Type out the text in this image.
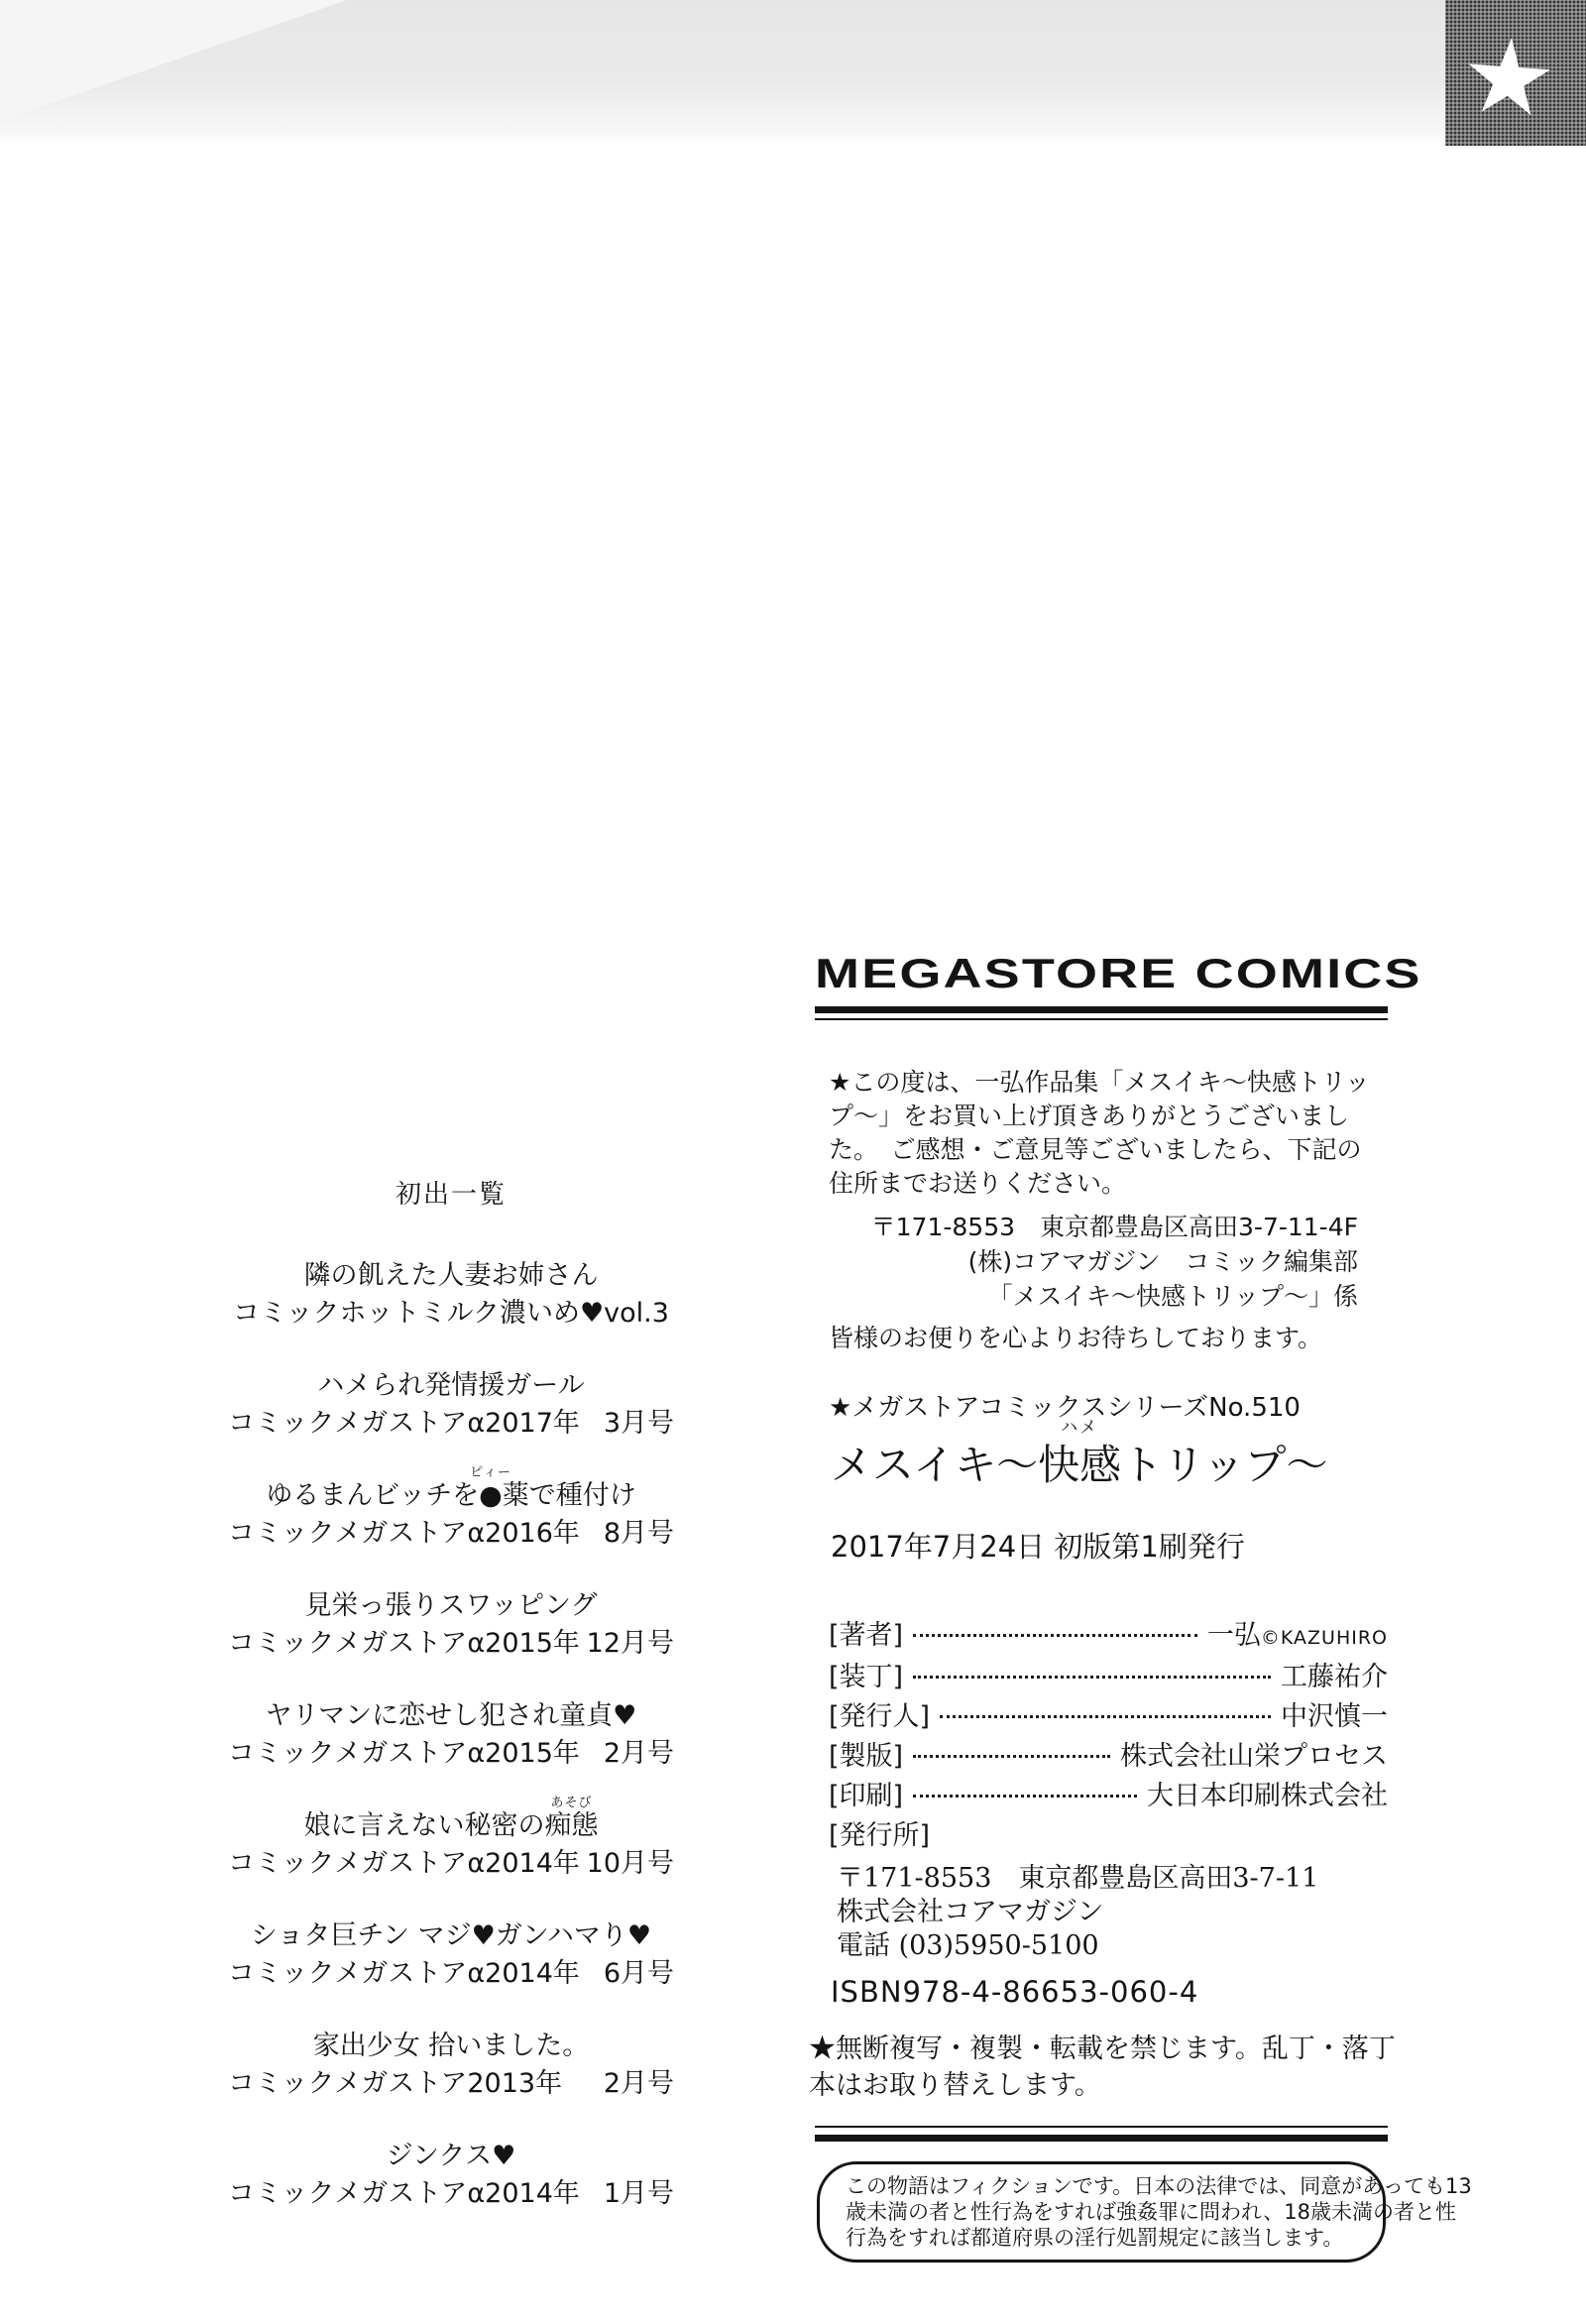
初出一覧
隣の飢えた人妻お姉さん
コミックホットミルク濃いめ♥vol.3
ハメられ発情援ガール
コミックメガストアα2017年 3月号
ゆるまんビッチを●
ピィー
薬で種付け
コミックメガストアα2016年 8月号
見栄っ張りスワッピング
コミックメガストアα2015年 12月号
ヤリマンに恋せし犯され童貞♥
コミックメガストアα2015年 2月号
娘に言えない秘密の痴態
あそび
コミックメガストアα2014年 10月号
ショタ巨チン マジ♥ガンハマり♥
コミックメガストアα2014年 6月号
家出少女 拾いました。
コミックメガストア2013年 2月号
ジンクス♥
コミックメガストアα2014年 1月号
MEGASTORE COMICS
★この度は、一弘作品集「メスイキ～快感トリッ
プ～」をお買い上げ頂きありがとうございまし
た。　ご感想・ご意見等ございましたら、下記の
住所までお送りください。
〒171-8553　東京都豊島区高田3-7-11-4F
(株)コアマガジン　コミック編集部
「メスイキ～快感トリップ～」係
皆様のお便りを心よりお待ちしております。
★メガストアコミックスシリーズNo.510
メスイキ～快感
ハメ
トリップ～
2017年7月24日 初版第1刷発行
[著者]	一弘©KAZUHIRO
[装丁]	工藤祐介
[発行人]	中沢慎一
[製版]	株式会社山栄プロセス
[印刷]	大日本印刷株式会社
[発行所]
〒171-8553　東京都豊島区高田3-7-11
株式会社コアマガジン
電話 (03)5950-5100
ISBN978-4-86653-060-4
★無断複写・複製・転載を禁じます。乱丁・落丁
本はお取り替えします。
この物語はフィクションです。日本の法律では、同意があっても13
歳未満の者と性行為をすれば強姦罪に問われ、18歳未満の者と性
行為をすれば都道府県の淫行処罰規定に該当します。
